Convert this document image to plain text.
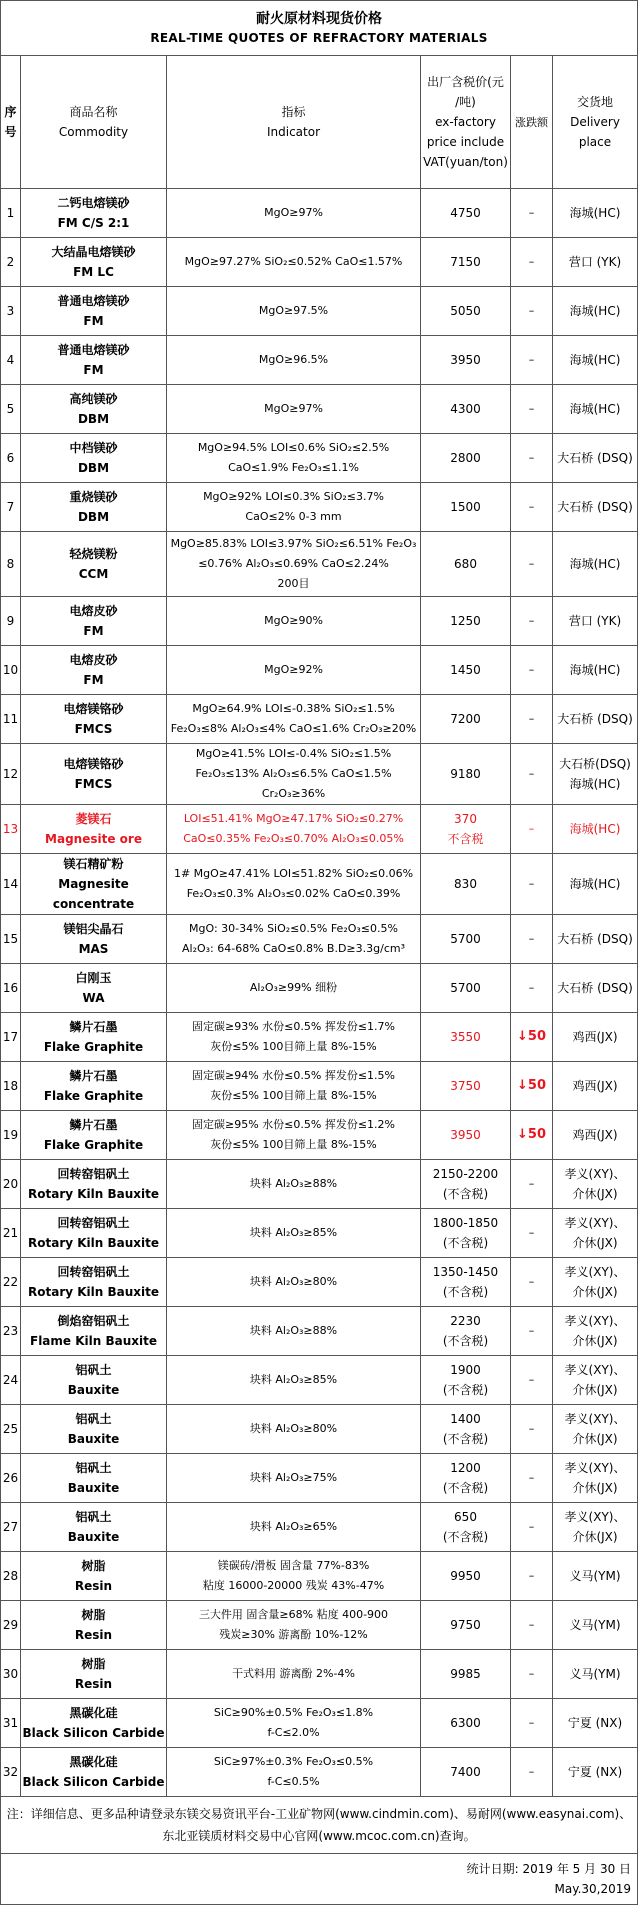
耐火原材料现货价格
REAL-TIME QUOTES OF REFRACTORY MATERIALS					

序
号	商品名称
Commodity	指标
Indicator	出厂含税价(元
/吨)
ex-factory
price include
VAT(yuan/ton)	涨跌额	交货地
Delivery
place

1	二钙电熔镁砂
FM C/S 2:1	MgO≥97%	4750	–	海城(HC)

2	大结晶电熔镁砂
FM LC	MgO≥97.27% SiO₂≤0.52% CaO≤1.57%	7150	–	营口 (YK)

3	普通电熔镁砂
FM	MgO≥97.5%	5050	–	海城(HC)

4	普通电熔镁砂
FM	MgO≥96.5%	3950	–	海城(HC)

5	高纯镁砂
DBM	MgO≥97%	4300	–	海城(HC)

6	中档镁砂
DBM	MgO≥94.5% LOI≤0.6% SiO₂≤2.5%
CaO≤1.9% Fe₂O₃≤1.1%	2800	–	大石桥 (DSQ)

7	重烧镁砂
DBM	MgO≥92% LOI≤0.3% SiO₂≤3.7%
CaO≤2% 0-3 mm	1500	–	大石桥 (DSQ)

8	轻烧镁粉
CCM	MgO≥85.83% LOI≤3.97% SiO₂≤6.51% Fe₂O₃
≤0.76% Al₂O₃≤0.69% CaO≤2.24%
200目	680	–	海城(HC)

9	电熔皮砂
FM	MgO≥90%	1250	–	营口 (YK)

10	电熔皮砂
FM	MgO≥92%	1450	–	海城(HC)

11	电熔镁铬砂
FMCS	MgO≥64.9% LOI≤-0.38% SiO₂≤1.5%
Fe₂O₃≤8% Al₂O₃≤4% CaO≤1.6% Cr₂O₃≥20%	7200	–	大石桥 (DSQ)

12	电熔镁铬砂
FMCS	MgO≥41.5% LOI≤-0.4% SiO₂≤1.5%
Fe₂O₃≤13% Al₂O₃≤6.5% CaO≤1.5%
Cr₂O₃≥36%	9180	–	大石桥(DSQ)
海城(HC)

13	菱镁石
Magnesite ore	LOI≤51.41% MgO≥47.17% SiO₂≤0.27%
CaO≤0.35% Fe₂O₃≤0.70% Al₂O₃≤0.05%	370
不含税	–	海城(HC)

14	镁石精矿粉
Magnesite concentrate	1# MgO≥47.41% LOI≤51.82% SiO₂≤0.06%
Fe₂O₃≤0.3% Al₂O₃≤0.02% CaO≤0.39%	830	–	海城(HC)

15	镁铝尖晶石
MAS	MgO: 30-34% SiO₂≤0.5% Fe₂O₃≤0.5%
Al₂O₃: 64-68% CaO≤0.8% B.D≥3.3g/cm³	5700	–	大石桥 (DSQ)

16	白刚玉
WA	Al₂O₃≥99% 细粉	5700	–	大石桥 (DSQ)

17	鳞片石墨
Flake Graphite	固定碳≥93% 水份≤0.5% 挥发份≤1.7%
灰份≤5% 100目筛上量 8%-15%	3550	↓50	鸡西(JX)

18	鳞片石墨
Flake Graphite	固定碳≥94% 水份≤0.5% 挥发份≤1.5%
灰份≤5% 100目筛上量 8%-15%	3750	↓50	鸡西(JX)

19	鳞片石墨
Flake Graphite	固定碳≥95% 水份≤0.5% 挥发份≤1.2%
灰份≤5% 100目筛上量 8%-15%	3950	↓50	鸡西(JX)

20	回转窑铝矾土
Rotary Kiln Bauxite	块料 Al₂O₃≥88%	2150-2200
(不含税)	–	孝义(XY)、
介休(JX)

21	回转窑铝矾土
Rotary Kiln Bauxite	块料 Al₂O₃≥85%	1800-1850
(不含税)	–	孝义(XY)、
介休(JX)

22	回转窑铝矾土
Rotary Kiln Bauxite	块料 Al₂O₃≥80%	1350-1450
(不含税)	–	孝义(XY)、
介休(JX)

23	倒焰窑铝矾土
Flame Kiln Bauxite	块料 Al₂O₃≥88%	2230
(不含税)	–	孝义(XY)、
介休(JX)

24	铝矾土
Bauxite	块料 Al₂O₃≥85%	1900
(不含税)	–	孝义(XY)、
介休(JX)

25	铝矾土
Bauxite	块料 Al₂O₃≥80%	1400
(不含税)	–	孝义(XY)、
介休(JX)

26	铝矾土
Bauxite	块料 Al₂O₃≥75%	1200
(不含税)	–	孝义(XY)、
介休(JX)

27	铝矾土
Bauxite	块料 Al₂O₃≥65%	650
(不含税)	–	孝义(XY)、
介休(JX)

28	树脂
Resin	镁碳砖/滑板 固含量 77%-83%
粘度 16000-20000 残炭 43%-47%	9950	–	义马(YM)

29	树脂
Resin	三大件用 固含量≥68% 粘度 400-900
残炭≥30% 游离酚 10%-12%	9750	–	义马(YM)

30	树脂
Resin	干式料用 游离酚 2%-4%	9985	–	义马(YM)

31	黑碳化硅
Black Silicon Carbide	SiC≥90%±0.5% Fe₂O₃≤1.8%
f-C≤2.0%	6300	–	宁夏 (NX)

32	黑碳化硅
Black Silicon Carbide	SiC≥97%±0.3% Fe₂O₃≤0.5%
f-C≤0.5%	7400	–	宁夏 (NX)

注：详细信息、更多品种请登录东镁交易资讯平台-工业矿物网(www.cindmin.com)、易耐网(www.easynai.com)、 东北亚镁质材料交易中心官网(www.mcoc.com.cn)查询。					

统计日期: 2019 年 5 月 30 日
May.30,2019					
